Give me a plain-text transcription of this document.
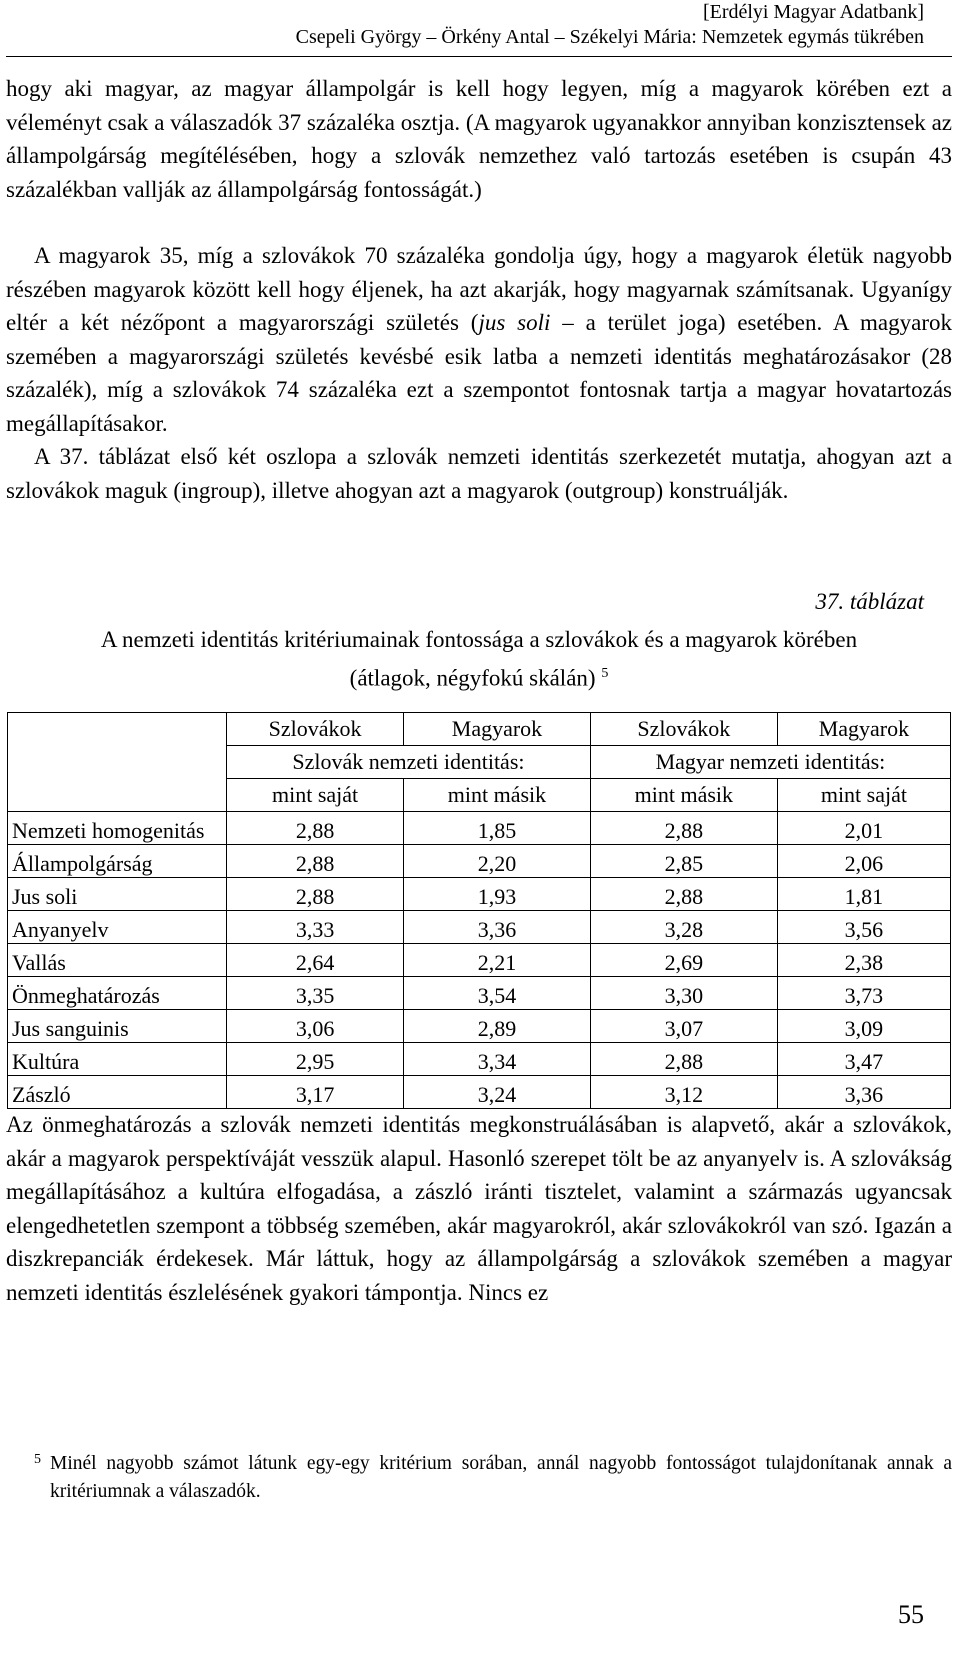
[Erdélyi Magyar Adatbank]
Csepeli György – Örkény Antal – Székelyi Mária: Nemzetek egymás tükrében

hogy aki magyar, az magyar állampolgár is kell hogy legyen, míg a magyarok körében ezt a véleményt csak a válaszadók 37 százaléka osztja. (A magyarok ugyanakkor annyiban konzisztensek az állampolgárság megítélésében, hogy a szlovák nemzethez való tartozás esetében is csupán 43 százalékban vallják az állampolgárság fontosságát.)

A magyarok 35, míg a szlovákok 70 százaléka gondolja úgy, hogy a magyarok életük nagyobb részében magyarok között kell hogy éljenek, ha azt akarják, hogy magyarnak számítsanak. Ugyanígy eltér a két nézőpont a magyarországi születés (jus soli – a terület joga) esetében. A magyarok szemében a magyarországi születés kevésbé esik latba a nemzeti identitás meghatározásakor (28 százalék), míg a szlovákok 74 százaléka ezt a szempontot fontosnak tartja a magyar hovatartozás megállapításakor.

A 37. táblázat első két oszlopa a szlovák nemzeti identitás szerkezetét mutatja, ahogyan azt a szlovákok maguk (ingroup), illetve ahogyan azt a magyarok (outgroup) konstruálják.

37. táblázat
A nemzeti identitás kritériumainak fontossága a szlovákok és a magyarok körében
(átlagok, négyfokú skálán) $^5$
	Szlovákok	Magyarok	Szlovákok	Magyarok
	Szlovák nemzeti identitás:		Magyar nemzeti identitás:	
	mint saját	mint másik	mint másik	mint saját
Nemzeti homogenitás	2,88	1,85	2,88	2,01
Állampolgárság	2,88	2,20	2,85	2,06
Jus soli	2,88	1,93	2,88	1,81
Anyanyelv	3,33	3,36	3,28	3,56
Vallás	2,64	2,21	2,69	2,38
Önmeghatározás	3,35	3,54	3,30	3,73
Jus sanguinis	3,06	2,89	3,07	3,09
Kultúra	2,95	3,34	2,88	3,47
Zászló	3,17	3,24	3,12	3,36

Az önmeghatározás a szlovák nemzeti identitás megkonstruálásában is alapvető, akár a szlovákok, akár a magyarok perspektíváját vesszük alapul. Hasonló szerepet tölt be az anyanyelv is. A szlovákság megállapításához a kultúra elfogadása, a zászló iránti tisztelet, valamint a származás ugyancsak elengedhetetlen szempont a többség szemében, akár magyarokról, akár szlovákokról van szó. Igazán a diszkrepanciák érdekesek. Már láttuk, hogy az állampolgárság a szlovákok szemében a magyar nemzeti identitás észlelésének gyakori támpontja. Nincs ez

5 Minél nagyobb számot látunk egy-egy kritérium sorában, annál nagyobb fontosságot tulajdonítanak annak a kritériumnak a válaszadók.
55
